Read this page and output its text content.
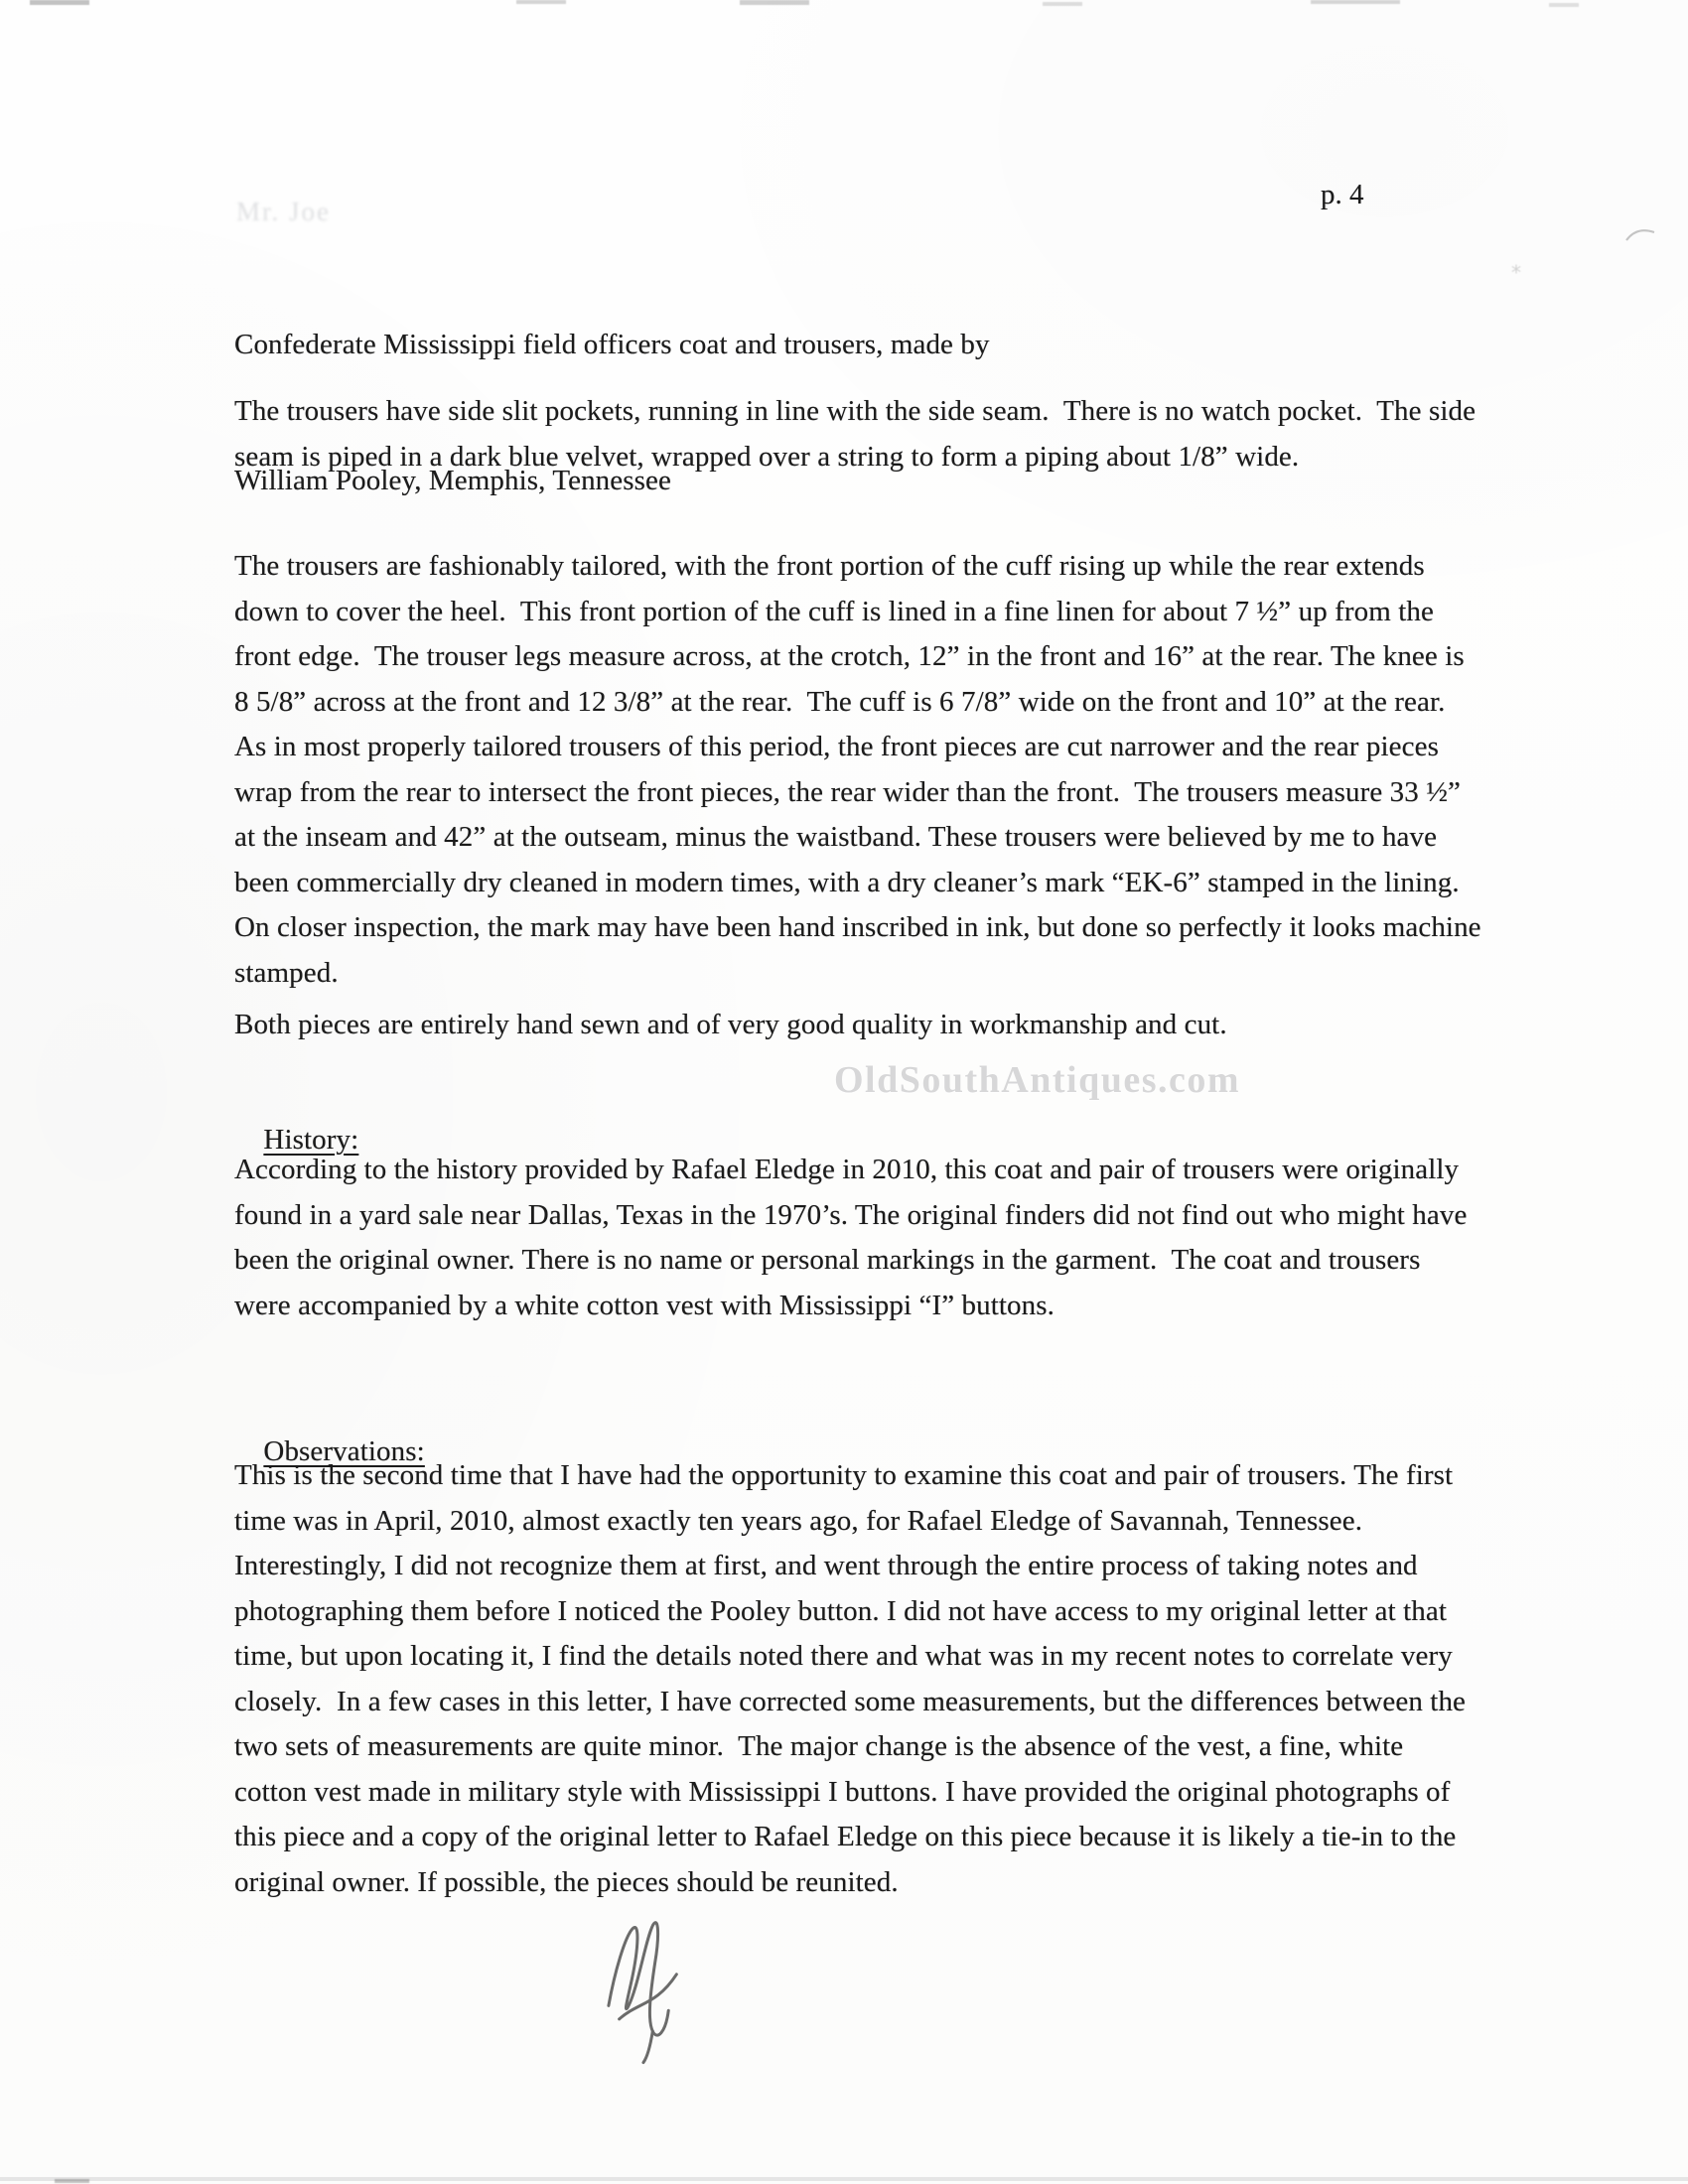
⁎
p. 4
Mr. Joe

Confederate Mississippi field officers coat and trousers, made by

William Pooley, Memphis, Tennessee

The trousers have side slit pockets, running in line with the side seam.  There is no watch pocket.  The side seam is piped in a dark blue velvet, wrapped over a string to form a piping about 1/8” wide.
The trousers are fashionably tailored, with the front portion of the cuff rising up while the rear extends down to cover the heel.  This front portion of the cuff is lined in a fine linen for about 7 ½” up from the front edge.  The trouser legs measure across, at the crotch, 12” in the front and 16” at the rear. The knee is 8 5/8” across at the front and 12 3/8” at the rear.  The cuff is 6 7/8” wide on the front and 10” at the rear.  As in most properly tailored trousers of this period, the front pieces are cut narrower and the rear pieces wrap from the rear to intersect the front pieces, the rear wider than the front.  The trousers measure 33 ½” at the inseam and 42” at the outseam, minus the waistband. These trousers were believed by me to have been commercially dry cleaned in modern times, with a dry cleaner’s mark “EK-6” stamped in the lining. On closer inspection, the mark may have been hand inscribed in ink, but done so perfectly it looks machine stamped.
Both pieces are entirely hand sewn and of very good quality in workmanship and cut.
OldSouthAntiques.com

History:

According to the history provided by Rafael Eledge in 2010, this coat and pair of trousers were originally found in a yard sale near Dallas, Texas in the 1970’s. The original finders did not find out who might have been the original owner. There is no name or personal markings in the garment.  The coat and trousers were accompanied by a white cotton vest with Mississippi “I” buttons.

Observations:

This is the second time that I have had the opportunity to examine this coat and pair of trousers. The first time was in April, 2010, almost exactly ten years ago, for Rafael Eledge of Savannah, Tennessee.  Interestingly, I did not recognize them at first, and went through the entire process of taking notes and photographing them before I noticed the Pooley button. I did not have access to my original letter at that time, but upon locating it, I find the details noted there and what was in my recent notes to correlate very closely.  In a few cases in this letter, I have corrected some measurements, but the differences between the two sets of measurements are quite minor.  The major change is the absence of the vest, a fine, white cotton vest made in military style with Mississippi I buttons. I have provided the original photographs of this piece and a copy of the original letter to Rafael Eledge on this piece because it is likely a tie-in to the original owner. If possible, the pieces should be reunited.
